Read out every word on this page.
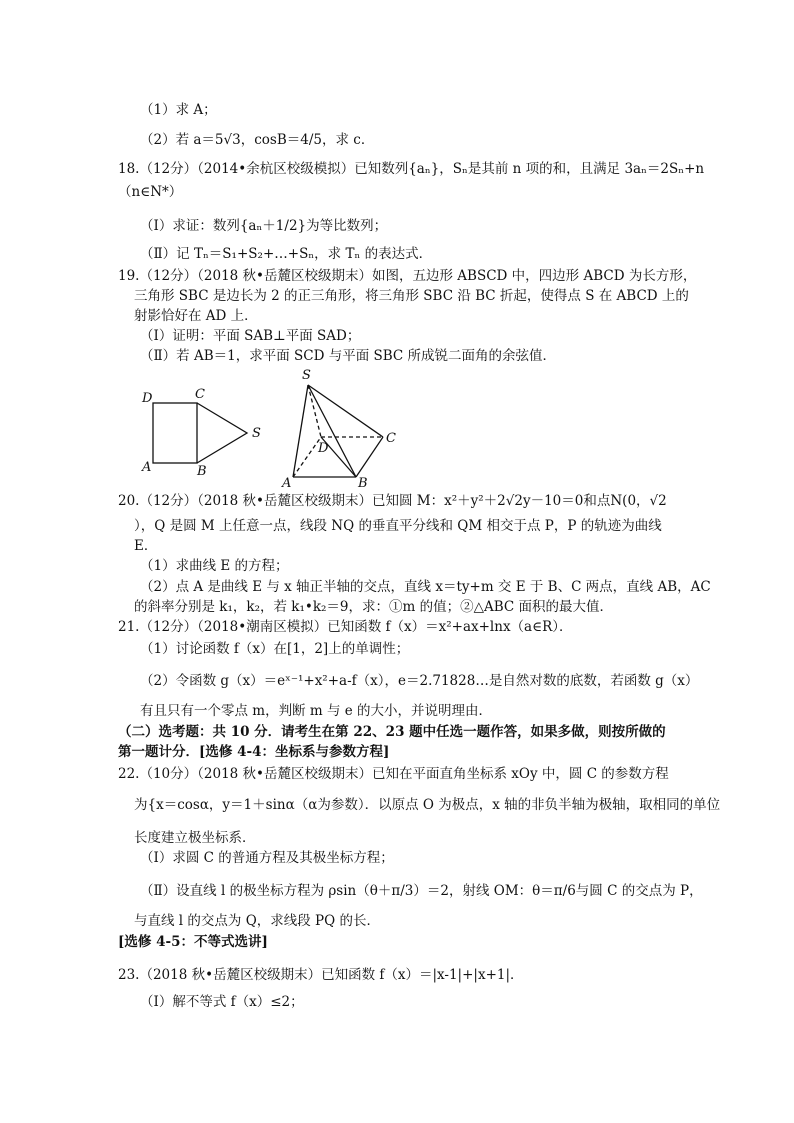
（1）求 A；
（2）若 a＝5√3，cosB＝4/5，求 c．
18.（12分）（2014•余杭区校级模拟）已知数列{aₙ}，Sₙ是其前 n 项的和，且满足 3aₙ＝2Sₙ+n
（n∈N*）
（Ⅰ）求证：数列{aₙ＋1/2}为等比数列；
（Ⅱ）记 Tₙ＝S₁+S₂+…+Sₙ，求 Tₙ 的表达式．
19.（12分）（2018 秋•岳麓区校级期末）如图，五边形 ABSCD 中，四边形 ABCD 为长方形，
三角形 SBC 是边长为 2 的正三角形，将三角形 SBC 沿 BC 折起，使得点 S 在 ABCD 上的
射影恰好在 AD 上．
（Ⅰ）证明：平面 SAB⊥平面 SAD；
（Ⅱ）若 AB＝1，求平面 SCD 与平面 SBC 所成锐二面角的余弦值．
D	C
S
A	B
S
D
C
A	B
20.（12分）（2018 秋•岳麓区校级期末）已知圆 M：x²＋y²＋2√2y－10＝0和点N(0，√2
），Q 是圆 M 上任意一点，线段 NQ 的垂直平分线和 QM 相交于点 P，P 的轨迹为曲线
E．
（1）求曲线 E 的方程；
（2）点 A 是曲线 E 与 x 轴正半轴的交点，直线 x＝ty+m 交 E 于 B、C 两点，直线 AB，AC
的斜率分别是 k₁，k₂，若 k₁•k₂＝9，求：①m 的值；②△ABC 面积的最大值．
21.（12分）（2018•潮南区模拟）已知函数 f（x）＝x²+ax+lnx（a∈R）．
（1）讨论函数 f（x）在[1，2]上的单调性；
（2）令函数 g（x）＝eˣ⁻¹+x²+a-f（x），e＝2.71828…是自然对数的底数，若函数 g（x）
有且只有一个零点 m，判断 m 与 e 的大小，并说明理由．
（二）选考题：共 10 分．请考生在第 22、23 题中任选一题作答，如果多做，则按所做的
第一题计分．[选修 4-4：坐标系与参数方程]
22.（10分）（2018 秋•岳麓区校级期末）已知在平面直角坐标系 xOy 中，圆 C 的参数方程
为{x＝cosα，y＝1＋sinα（α为参数）．以原点 O 为极点，x 轴的非负半轴为极轴，取相同的单位
长度建立极坐标系．
（Ⅰ）求圆 C 的普通方程及其极坐标方程；
（Ⅱ）设直线 l 的极坐标方程为 ρsin（θ＋π/3）＝2，射线 OM：θ＝π/6与圆 C 的交点为 P，
与直线 l 的交点为 Q，求线段 PQ 的长．
[选修 4-5：不等式选讲]
23.（2018 秋•岳麓区校级期末）已知函数 f（x）＝|x-1|+|x+1|．
（Ⅰ）解不等式 f（x）≤2；
